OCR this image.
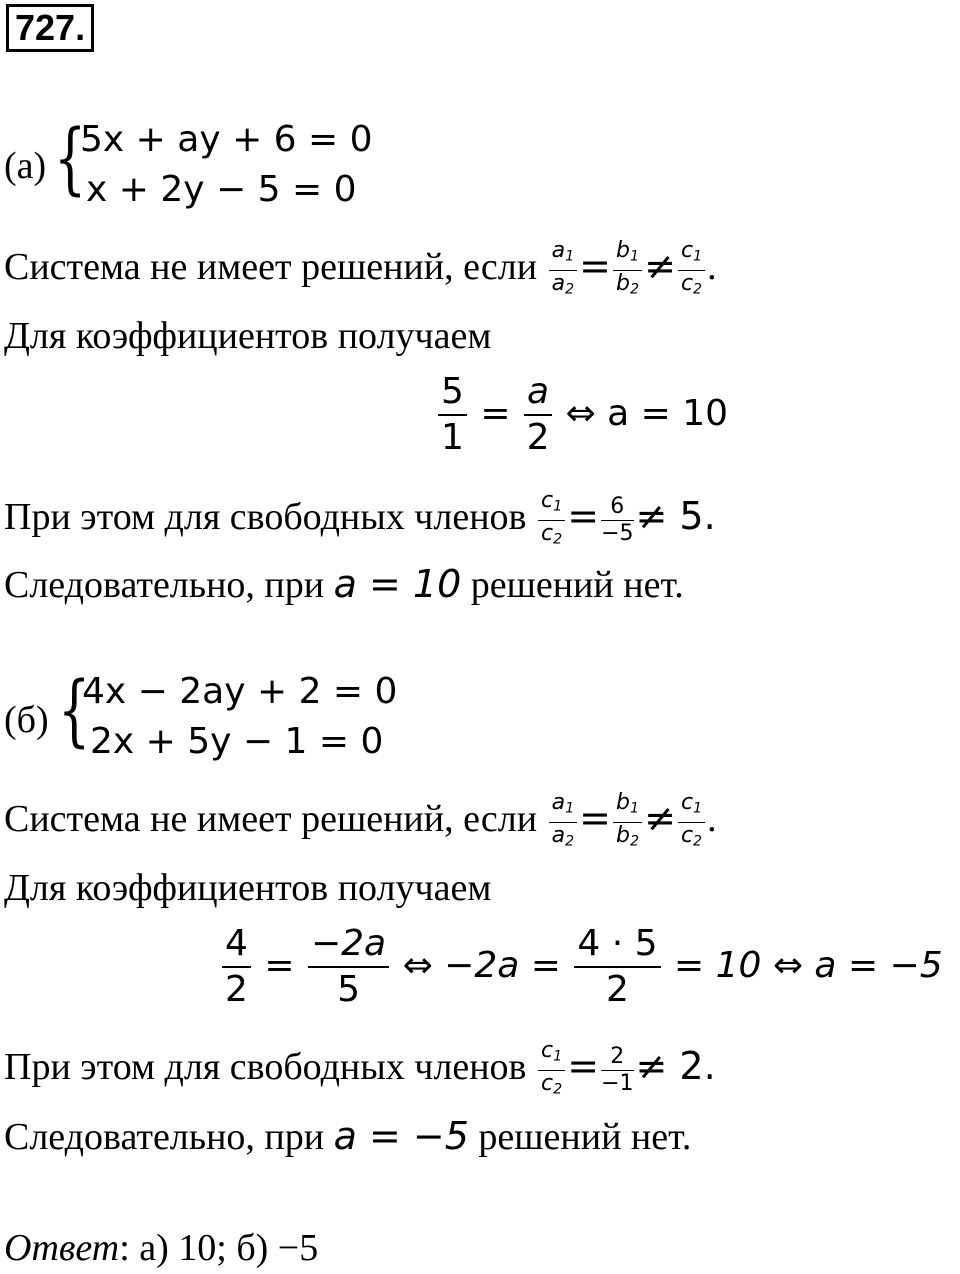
727.
(а) {
5x + ay + 6 = 0
x + 2y − 5 = 0
Система не имеет решений, если $\frac{a_1}{a_2} = \frac{b_1}{b_2} \ne \frac{c_1}{c_2}$ .
Для коэффициентов получаем
$\frac{5}{1} = \frac{a}{2}$ ⇔ a = 10
При этом для свободных членов $\frac{c_1}{c_2} = \frac{6}{-5} \ne 5$.
Следовательно, при a = 10 решений нет.
(б) {
4x − 2ay + 2 = 0
2x + 5y − 1 = 0
Система не имеет решений, если $\frac{a_1}{a_2} = \frac{b_1}{b_2} \ne \frac{c_1}{c_2}$ .
Для коэффициентов получаем
$\frac{4}{2} = \frac{-2a}{5}$ ⇔ $-2a = \frac{4 \cdot 5}{2} = 10$ ⇔ a = −5
При этом для свободных членов $\frac{c_1}{c_2} = \frac{2}{-1} \ne 2$.
Следовательно, при a = −5 решений нет.
Ответ: а) 10; б) −5
